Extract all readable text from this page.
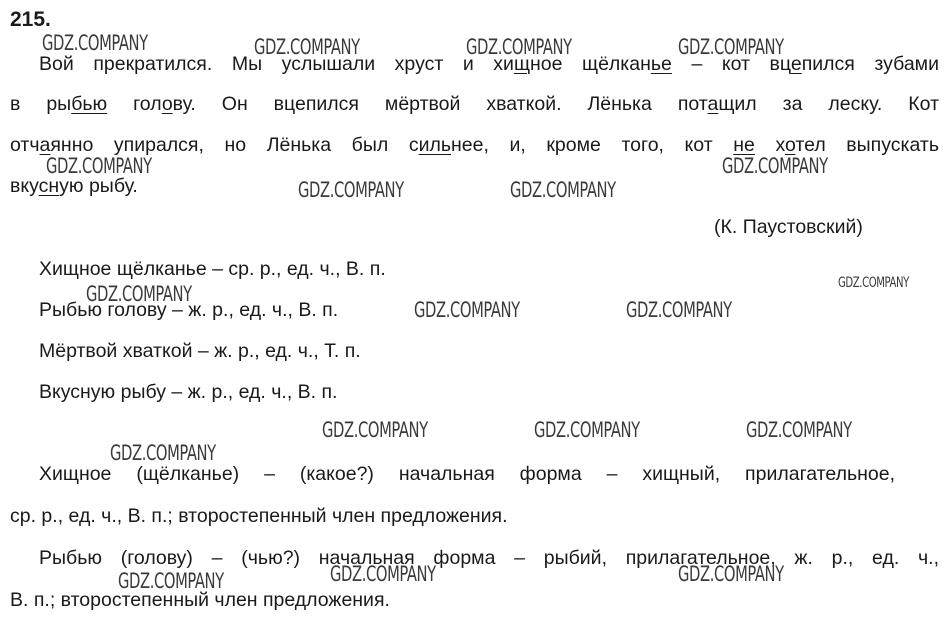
215.
Вой прекратился. Мы услышали хруст и хищное щёлканье – кот вцепился зубами
в рыбью голову. Он вцепился мёртвой хваткой. Лёнька потащил за леску. Кот
отчаянно упирался, но Лёнька был сильнее, и, кроме того, кот не хотел выпускать
вкусную рыбу.
(К. Паустовский)
Хищное щёлканье – ср. р., ед. ч., В. п.
Рыбью голову – ж. р., ед. ч., В. п.
Мёртвой хваткой – ж. р., ед. ч., Т. п.
Вкусную рыбу – ж. р., ед. ч., В. п.
Хищное (щёлканье) – (какое?) начальная форма – хищный, прилагательное,
ср. р., ед. ч., В. п.; второстепенный член предложения.
Рыбью (голову) – (чью?) начальная форма – рыбий, прилагательное, ж. р., ед. ч.,
В. п.; второстепенный член предложения.
GDZ.COMPANY	GDZ.COMPANY	GDZ.COMPANY	GDZ.COMPANY
GDZ.COMPANY	GDZ.COMPANY
GDZ.COMPANY	GDZ.COMPANY
GDZ.COMPANY
GDZ.COMPANY
GDZ.COMPANY	GDZ.COMPANY
GDZ.COMPANY	GDZ.COMPANY	GDZ.COMPANY
GDZ.COMPANY
GDZ.COMPANY	GDZ.COMPANY
GDZ.COMPANY
